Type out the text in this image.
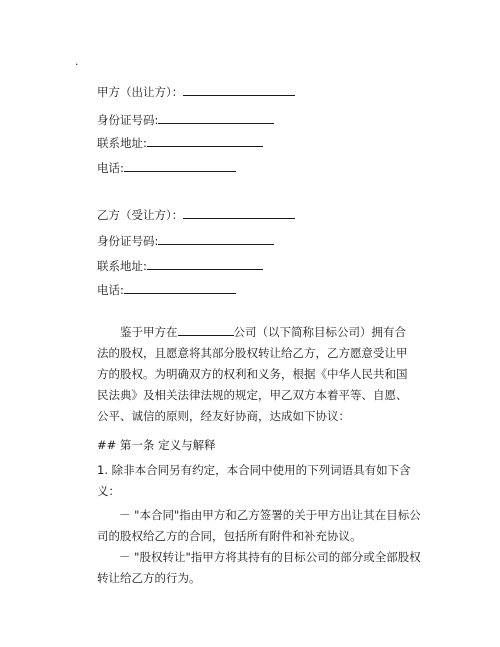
.
甲方（出让方）：
身份证号码:
联系地址:
电话:
乙方（受让方）：
身份证号码:
联系地址:
电话:
鉴于甲方在	公司（以下简称目标公司）拥有合法的股权，且愿意将其部分股权转让给乙方，乙方愿意受让甲方的股权。为明确双方的权利和义务，根据《中华人民共和国民法典》及相关法律法规的规定，甲乙双方本着平等、自愿、公平、诚信的原则，经友好协商，达成如下协议：
## 第一条 定义与解释
1. 除非本合同另有约定，本合同中使用的下列词语具有如下含义：
－ "本合同"指由甲方和乙方签署的关于甲方出让其在目标公司的股权给乙方的合同，包括所有附件和补充协议。
－ "股权转让"指甲方将其持有的目标公司的部分或全部股权转让给乙方的行为。
